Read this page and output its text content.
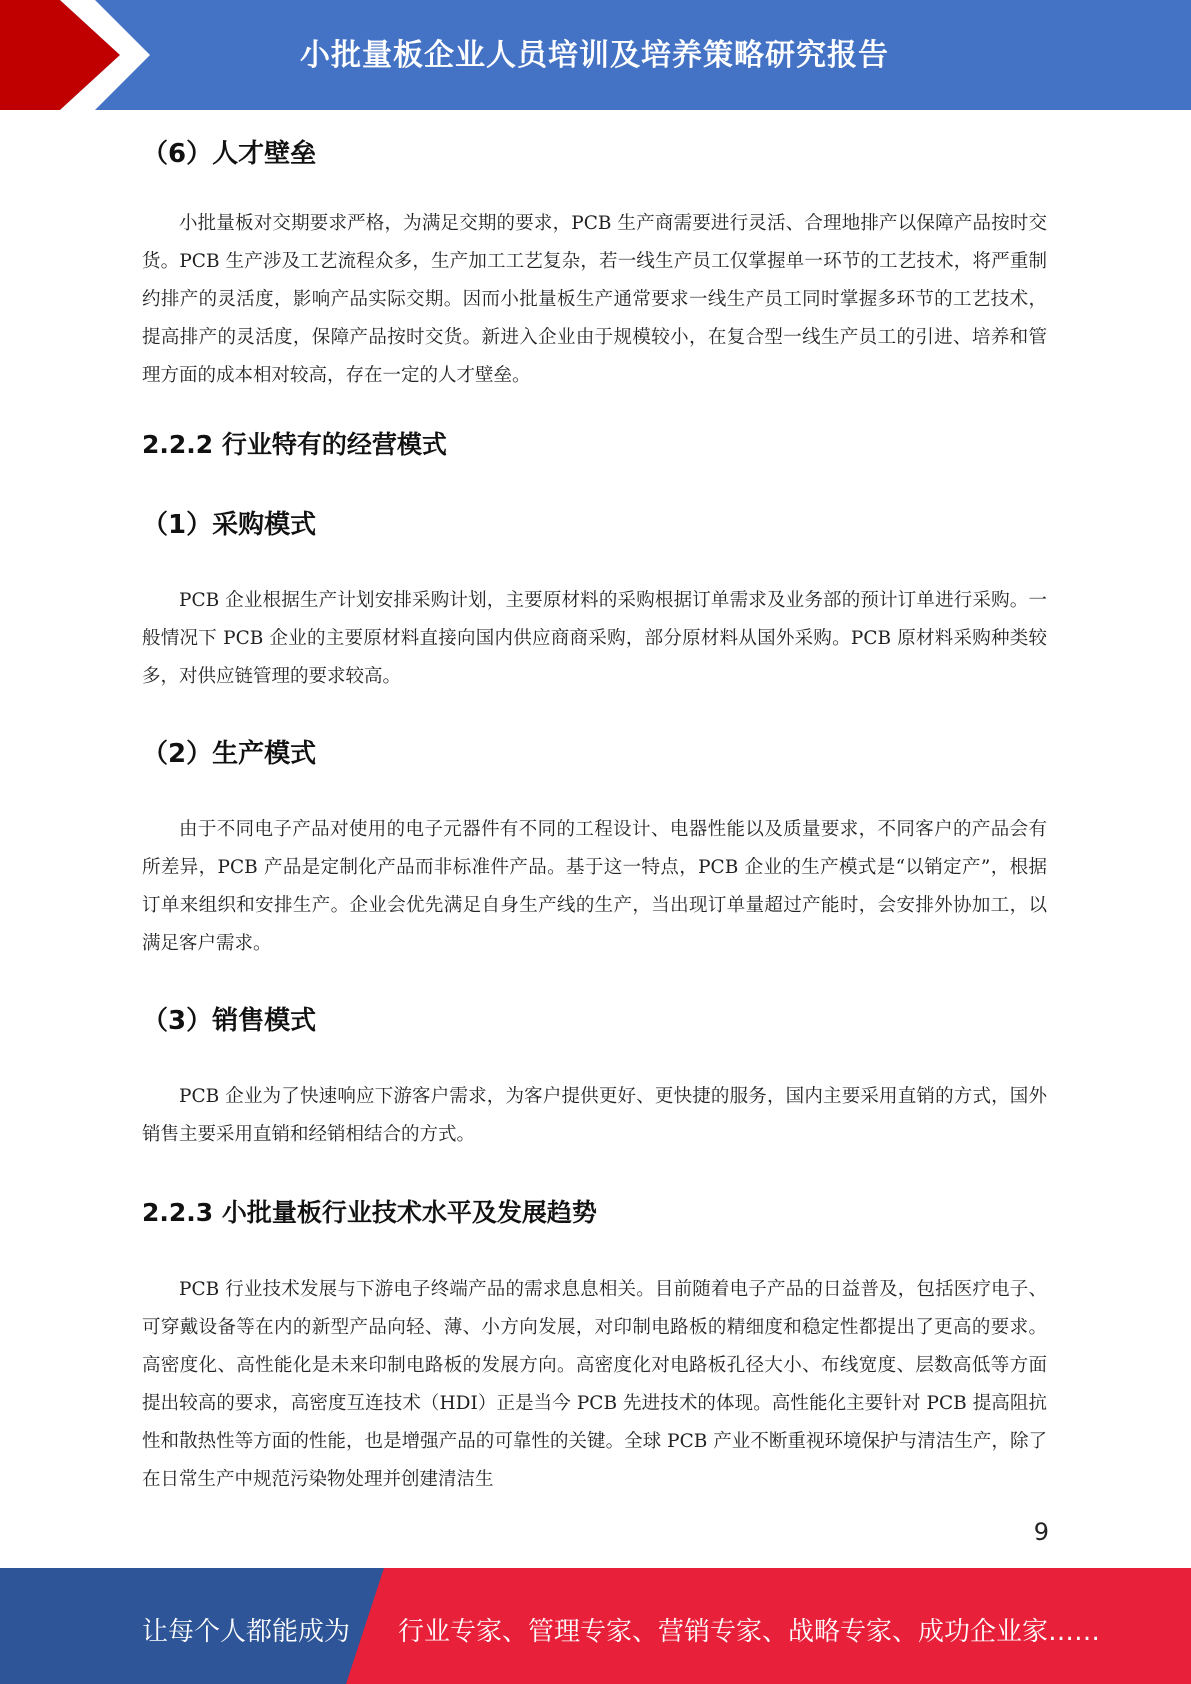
小批量板企业人员培训及培养策略研究报告
（6）人才壁垒
小批量板对交期要求严格，为满足交期的要求，PCB 生产商需要进行灵活、合理地排产以保障产品按时交货。PCB 生产涉及工艺流程众多，生产加工工艺复杂，若一线生产员工仅掌握单一环节的工艺技术，将严重制约排产的灵活度，影响产品实际交期。因而小批量板生产通常要求一线生产员工同时掌握多环节的工艺技术，提高排产的灵活度，保障产品按时交货。新进入企业由于规模较小，在复合型一线生产员工的引进、培养和管理方面的成本相对较高，存在一定的人才壁垒。
2.2.2 行业特有的经营模式
（1）采购模式
PCB 企业根据生产计划安排采购计划，主要原材料的采购根据订单需求及业务部的预计订单进行采购。一般情况下 PCB 企业的主要原材料直接向国内供应商商采购，部分原材料从国外采购。PCB 原材料采购种类较多，对供应链管理的要求较高。
（2）生产模式
由于不同电子产品对使用的电子元器件有不同的工程设计、电器性能以及质量要求，不同客户的产品会有所差异，PCB 产品是定制化产品而非标准件产品。基于这一特点，PCB 企业的生产模式是“以销定产”，根据订单来组织和安排生产。企业会优先满足自身生产线的生产，当出现订单量超过产能时，会安排外协加工，以满足客户需求。
（3）销售模式
PCB 企业为了快速响应下游客户需求，为客户提供更好、更快捷的服务，国内主要采用直销的方式，国外销售主要采用直销和经销相结合的方式。
2.2.3 小批量板行业技术水平及发展趋势
PCB 行业技术发展与下游电子终端产品的需求息息相关。目前随着电子产品的日益普及，包括医疗电子、可穿戴设备等在内的新型产品向轻、薄、小方向发展，对印制电路板的精细度和稳定性都提出了更高的要求。高密度化、高性能化是未来印制电路板的发展方向。高密度化对电路板孔径大小、布线宽度、层数高低等方面提出较高的要求，高密度互连技术（HDI）正是当今 PCB 先进技术的体现。高性能化主要针对 PCB 提高阻抗性和散热性等方面的性能，也是增强产品的可靠性的关键。全球 PCB 产业不断重视环境保护与清洁生产，除了在日常生产中规范污染物处理并创建清洁生
9
让每个人都能成为 行业专家、管理专家、营销专家、战略专家、成功企业家……
